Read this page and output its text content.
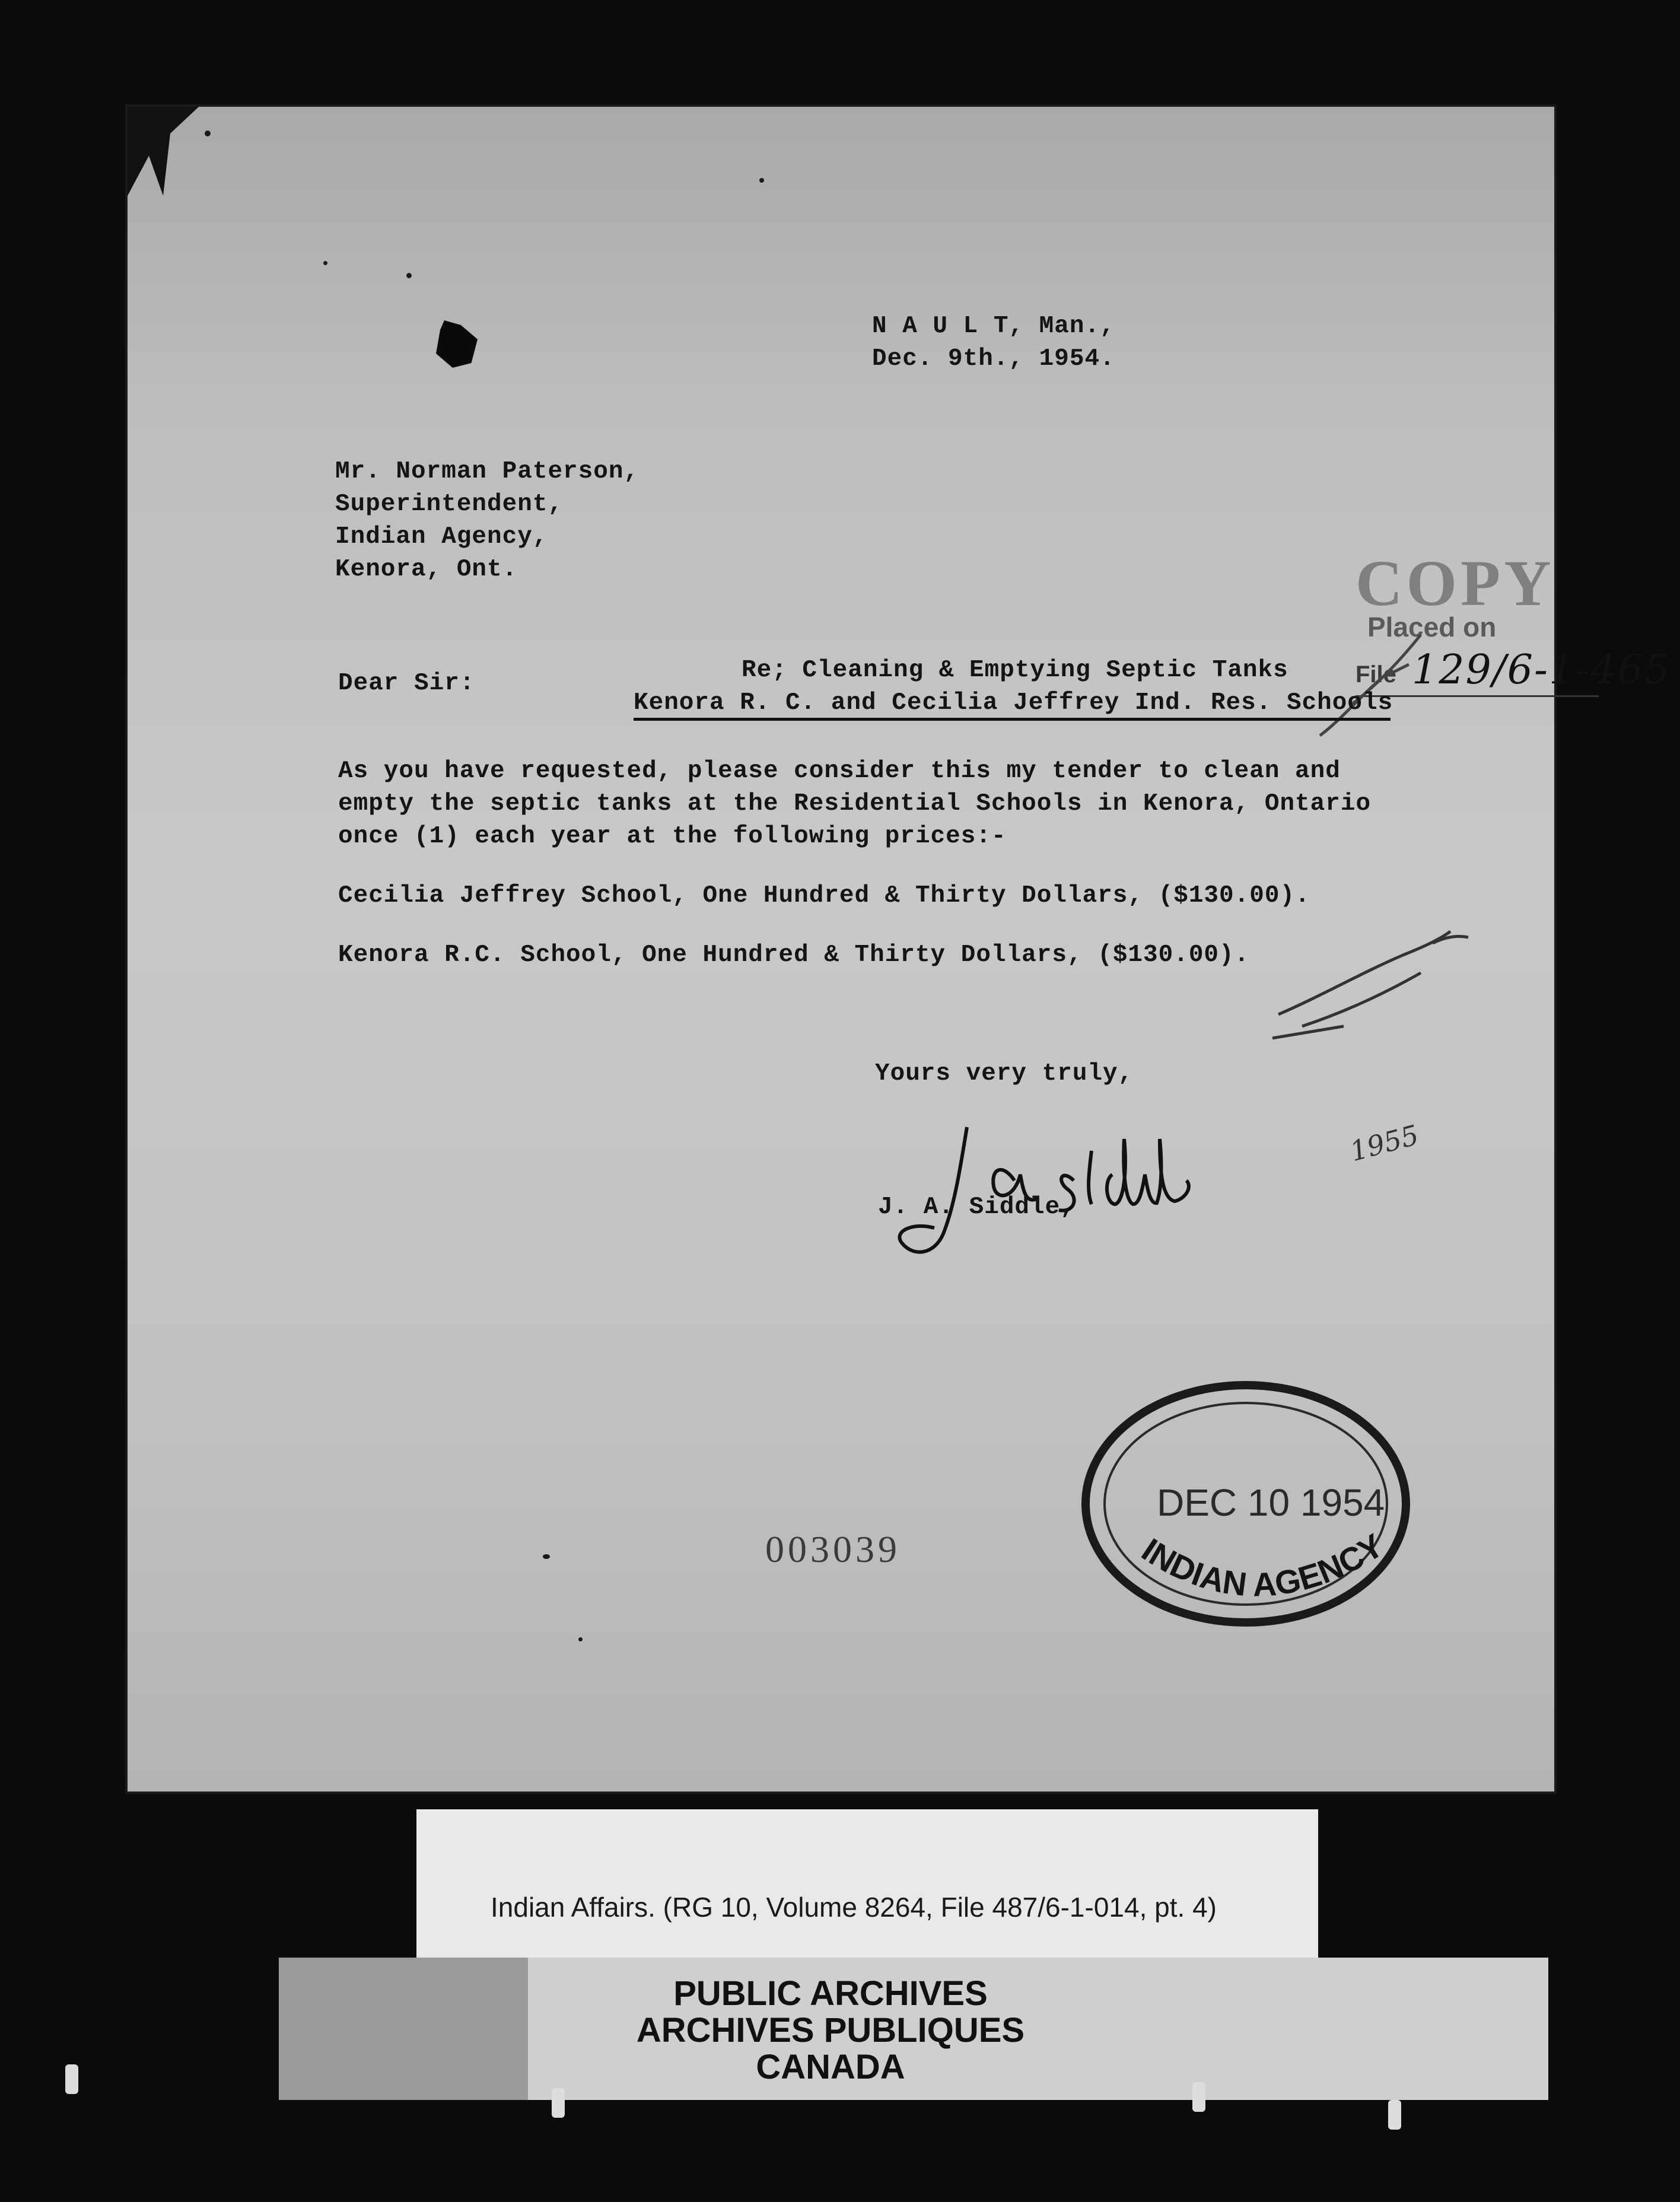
N A U L T, Man.,
Dec. 9th., 1954.
Mr. Norman Paterson,
Superintendent,
Indian Agency,
Kenora, Ont.	COPY
Placed on
File 129/6-1-465
Dear Sir:	Re; Cleaning & Emptying Septic Tanks
Kenora R. C. and Cecilia Jeffrey Ind. Res. Schools
As you have requested, please consider this my tender to clean and
empty the septic tanks at the Residential Schools in Kenora, Ontario
once (1) each year at the following prices:-
Cecilia Jeffrey School, One Hundred & Thirty Dollars, ($130.00).
Kenora R.C. School, One Hundred & Thirty Dollars, ($130.00).
Yours very truly,
J. A. Siddle,
1955
003039
DEC 10 1954
INDIAN AGENCY
Indian Affairs. (RG 10, Volume 8264, File 487/6-1-014, pt. 4)
PUBLIC ARCHIVES
ARCHIVES PUBLIQUES
CANADA
